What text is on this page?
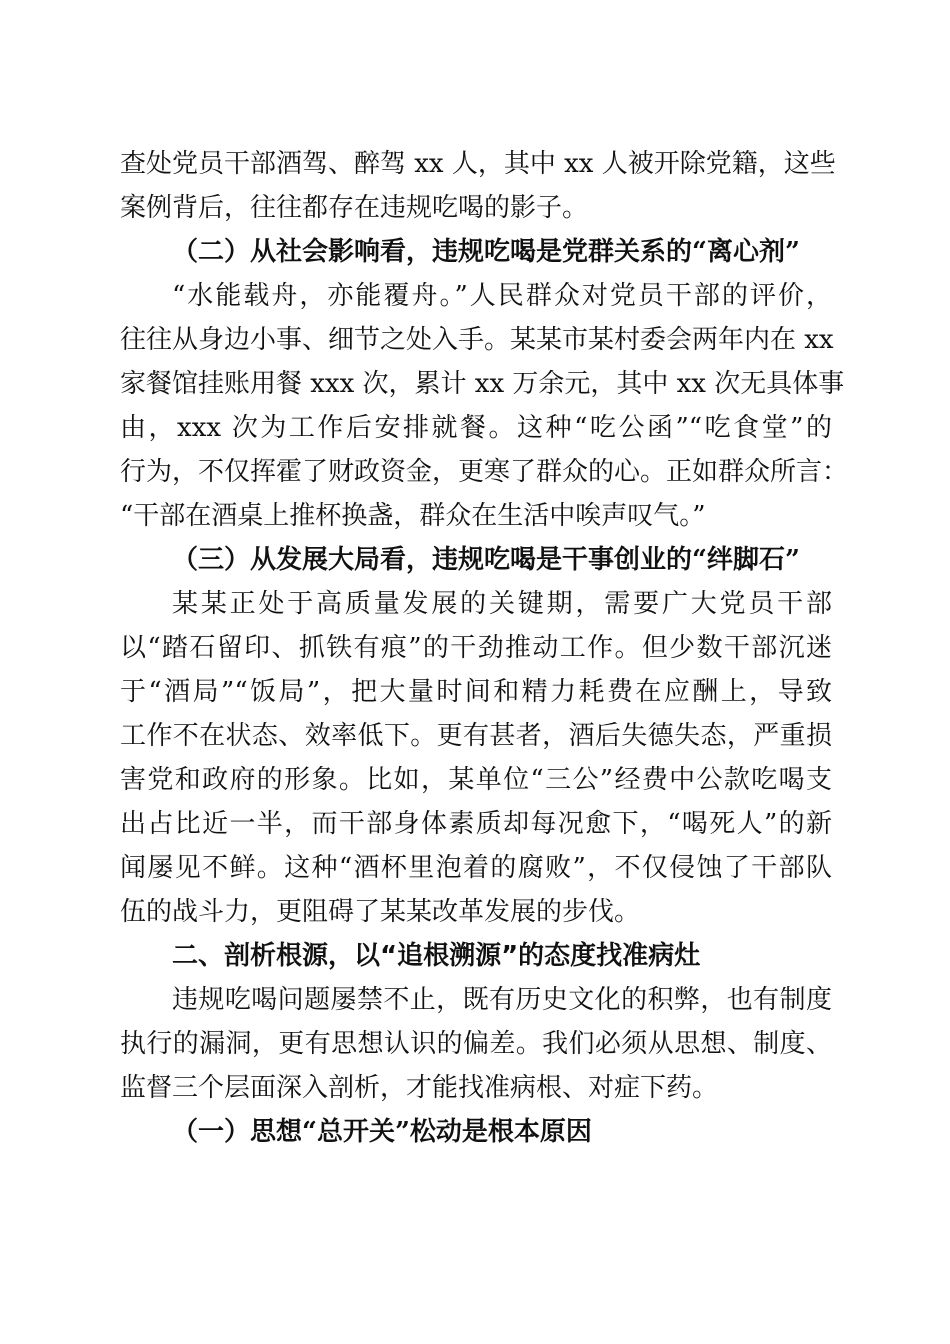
查处党员干部酒驾、醉驾 xx 人，其中 xx 人被开除党籍，这些
案例背后，往往都存在违规吃喝的影子。
（二）从社会影响看，违规吃喝是党群关系的“离心剂”
“水能载舟，亦能覆舟。”人民群众对党员干部的评价，
往往从身边小事、细节之处入手。某某市某村委会两年内在 xx
家餐馆挂账用餐 xxx 次，累计 xx 万余元，其中 xx 次无具体事
由，xxx 次为工作后安排就餐。这种“吃公函”“吃食堂”的
行为，不仅挥霍了财政资金，更寒了群众的心。正如群众所言：
“干部在酒桌上推杯换盏，群众在生活中唉声叹气。”
（三）从发展大局看，违规吃喝是干事创业的“绊脚石”
某某正处于高质量发展的关键期，需要广大党员干部
以“踏石留印、抓铁有痕”的干劲推动工作。但少数干部沉迷
于“酒局”“饭局”，把大量时间和精力耗费在应酬上，导致
工作不在状态、效率低下。更有甚者，酒后失德失态，严重损
害党和政府的形象。比如，某单位“三公”经费中公款吃喝支
出占比近一半，而干部身体素质却每况愈下，“喝死人”的新
闻屡见不鲜。这种“酒杯里泡着的腐败”，不仅侵蚀了干部队
伍的战斗力，更阻碍了某某改革发展的步伐。
二、剖析根源，以“追根溯源”的态度找准病灶
违规吃喝问题屡禁不止，既有历史文化的积弊，也有制度
执行的漏洞，更有思想认识的偏差。我们必须从思想、制度、
监督三个层面深入剖析，才能找准病根、对症下药。
（一）思想“总开关”松动是根本原因
